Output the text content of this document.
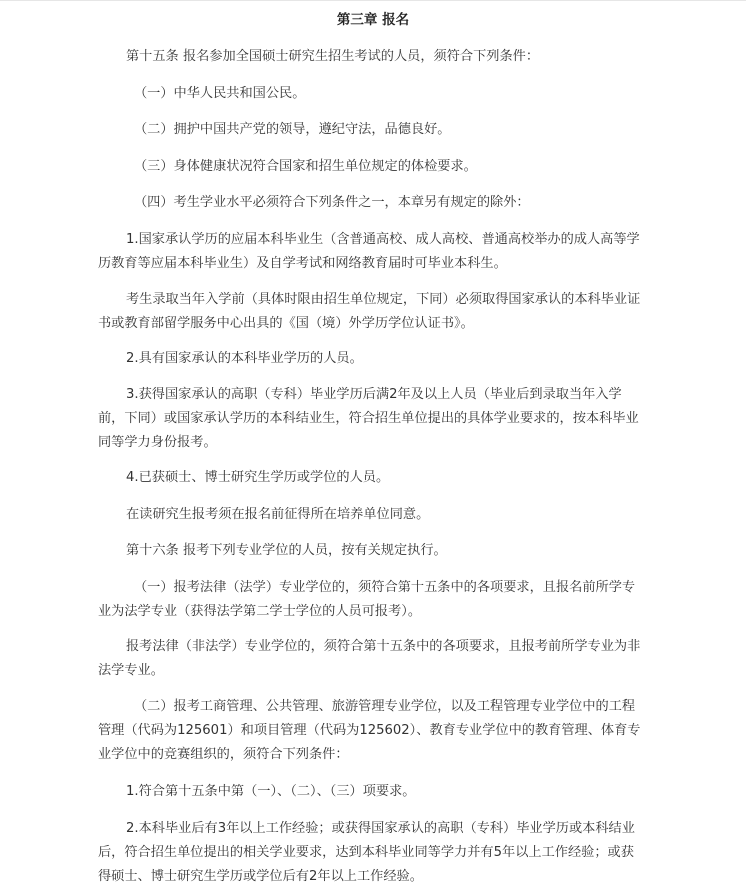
第三章 报名
第十五条 报名参加全国硕士研究生招生考试的人员，须符合下列条件：
（一）中华人民共和国公民。
（二）拥护中国共产党的领导，遵纪守法，品德良好。
（三）身体健康状况符合国家和招生单位规定的体检要求。
（四）考生学业水平必须符合下列条件之一，本章另有规定的除外：
1.国家承认学历的应届本科毕业生（含普通高校、成人高校、普通高校举办的成人高等学历教育等应届本科毕业生）及自学考试和网络教育届时可毕业本科生。
考生录取当年入学前（具体时限由招生单位规定，下同）必须取得国家承认的本科毕业证书或教育部留学服务中心出具的《国（境）外学历学位认证书》。
2.具有国家承认的本科毕业学历的人员。
3.获得国家承认的高职（专科）毕业学历后满2年及以上人员（毕业后到录取当年入学前，下同）或国家承认学历的本科结业生，符合招生单位提出的具体学业要求的，按本科毕业同等学力身份报考。
4.已获硕士、博士研究生学历或学位的人员。
在读研究生报考须在报名前征得所在培养单位同意。
第十六条 报考下列专业学位的人员，按有关规定执行。
（一）报考法律（法学）专业学位的，须符合第十五条中的各项要求，且报名前所学专业为法学专业（获得法学第二学士学位的人员可报考）。
报考法律（非法学）专业学位的，须符合第十五条中的各项要求，且报考前所学专业为非法学专业。
（二）报考工商管理、公共管理、旅游管理专业学位，以及工程管理专业学位中的工程管理（代码为125601）和项目管理（代码为125602）、教育专业学位中的教育管理、体育专业学位中的竞赛组织的，须符合下列条件：
1.符合第十五条中第（一）、（二）、（三）项要求。
2.本科毕业后有3年以上工作经验；或获得国家承认的高职（专科）毕业学历或本科结业后，符合招生单位提出的相关学业要求，达到本科毕业同等学力并有5年以上工作经验；或获得硕士、博士研究生学历或学位后有2年以上工作经验。
